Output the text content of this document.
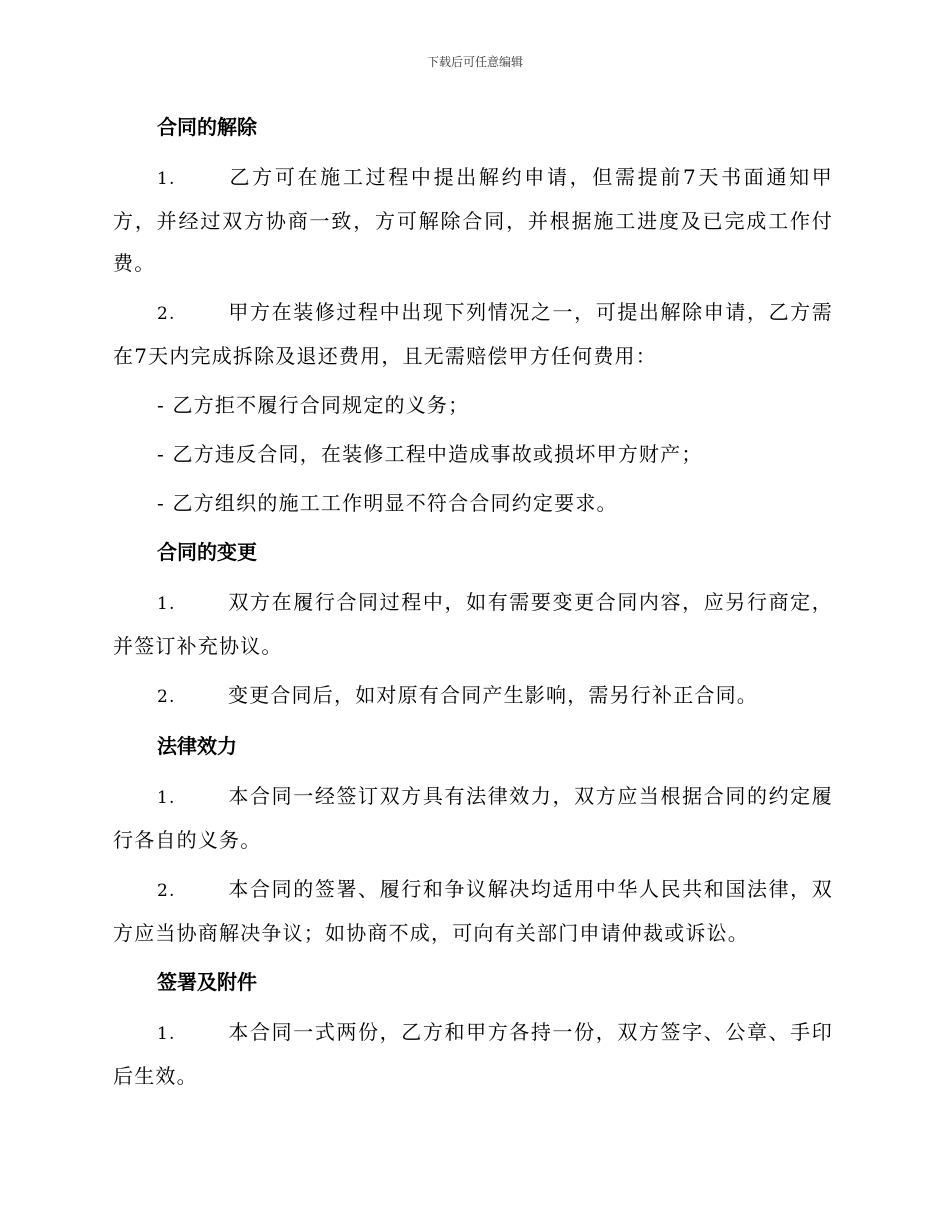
下载后可任意编辑
合同的解除

1.	乙方可在施工过程中提出解约申请，但需提前7天书面通知甲方，并经过双方协商一致，方可解除合同，并根据施工进度及已完成工作付费。

2.	甲方在装修过程中出现下列情况之一，可提出解除申请，乙方需在7天内完成拆除及退还费用，且无需赔偿甲方任何费用：

- 乙方拒不履行合同规定的义务；
- 乙方违反合同，在装修工程中造成事故或损坏甲方财产；
- 乙方组织的施工工作明显不符合合同约定要求。
合同的变更

1.	双方在履行合同过程中，如有需要变更合同内容，应另行商定，并签订补充协议。

2.	变更合同后，如对原有合同产生影响，需另行补正合同。

法律效力

1.	本合同一经签订双方具有法律效力，双方应当根据合同的约定履行各自的义务。

2.	本合同的签署、履行和争议解决均适用中华人民共和国法律，双方应当协商解决争议；如协商不成，可向有关部门申请仲裁或诉讼。

签署及附件

1.	本合同一式两份，乙方和甲方各持一份，双方签字、公章、手印后生效。
